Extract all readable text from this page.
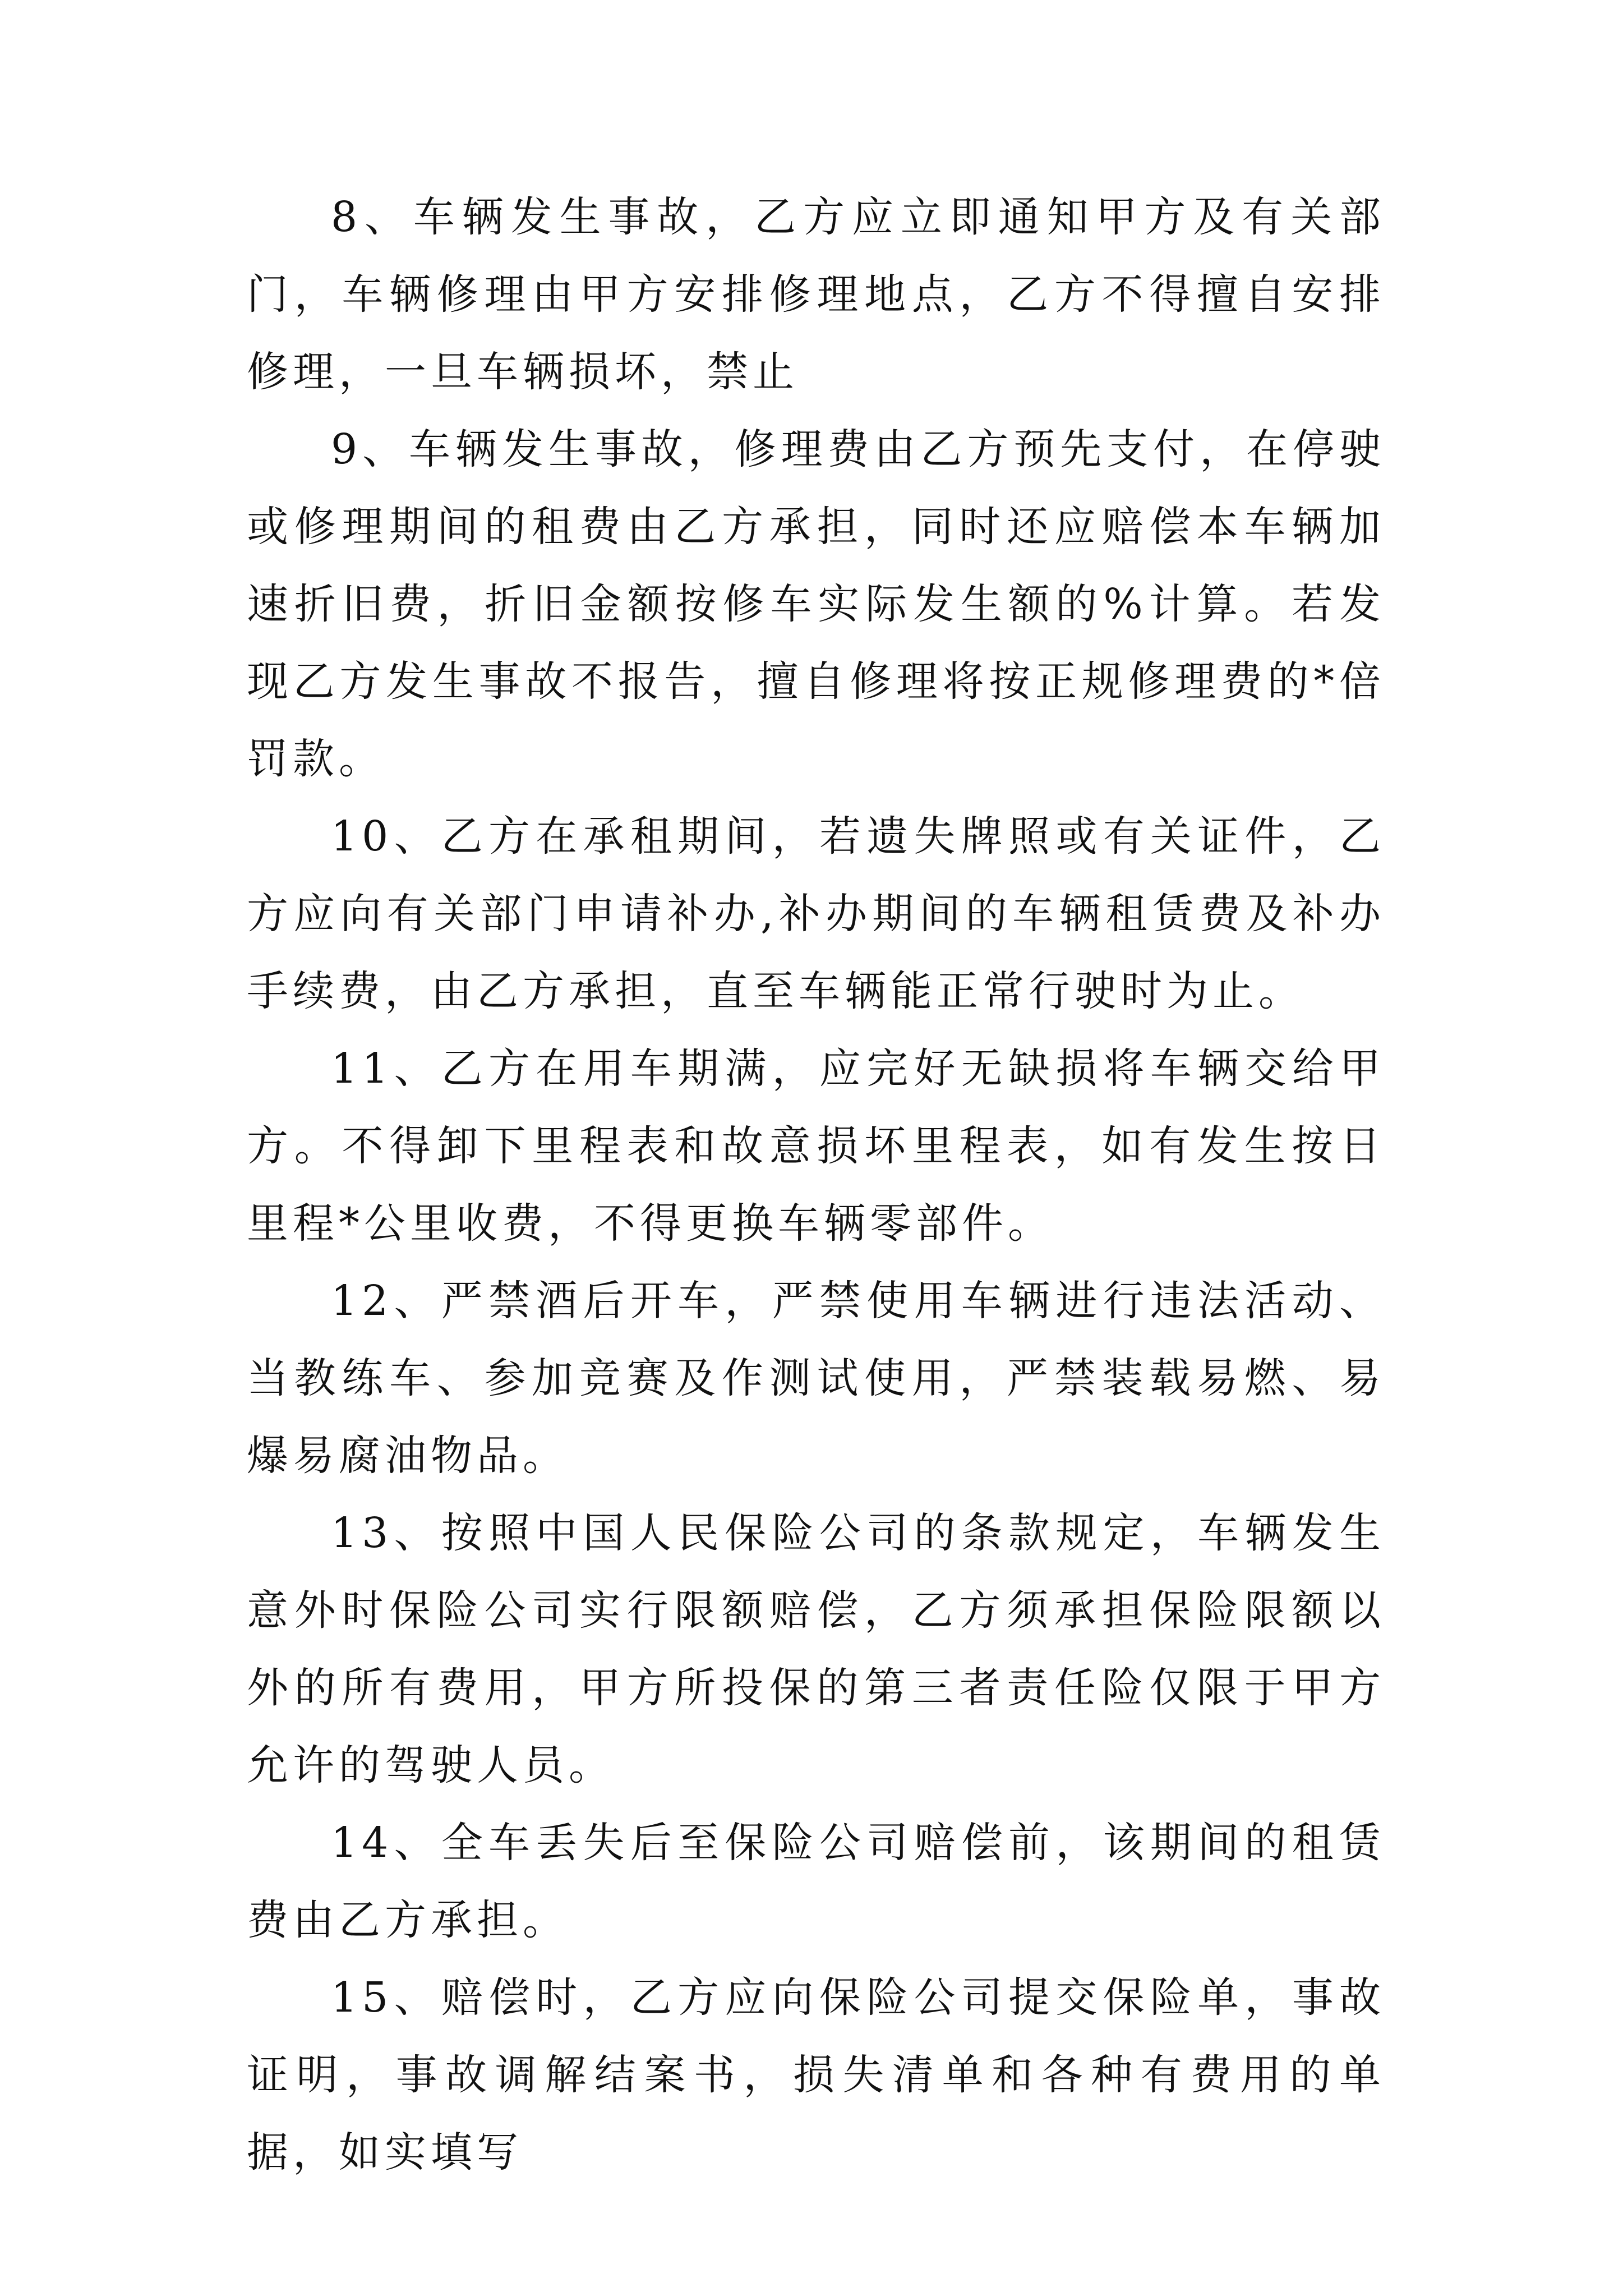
8、车辆发生事故，乙方应立即通知甲方及有关部门，车辆修理由甲方安排修理地点，乙方不得擅自安排修理，一旦车辆损坏，禁止

9、车辆发生事故，修理费由乙方预先支付，在停驶或修理期间的租费由乙方承担，同时还应赔偿本车辆加速折旧费，折旧金额按修车实际发生额的%计算。若发现乙方发生事故不报告，擅自修理将按正规修理费的*倍罚款。

10、乙方在承租期间，若遗失牌照或有关证件，乙方应向有关部门申请补办,补办期间的车辆租赁费及补办手续费，由乙方承担，直至车辆能正常行驶时为止。

11、乙方在用车期满，应完好无缺损将车辆交给甲方。不得卸下里程表和故意损坏里程表，如有发生按日里程*公里收费，不得更换车辆零部件。

12、严禁酒后开车，严禁使用车辆进行违法活动、当教练车、参加竞赛及作测试使用，严禁装载易燃、易爆易腐油物品。

13、按照中国人民保险公司的条款规定，车辆发生意外时保险公司实行限额赔偿，乙方须承担保险限额以外的所有费用，甲方所投保的第三者责任险仅限于甲方允许的驾驶人员。

14、全车丢失后至保险公司赔偿前，该期间的租赁费由乙方承担。

15、赔偿时，乙方应向保险公司提交保险单，事故证明，事故调解结案书，损失清单和各种有费用的单据，如实填写
